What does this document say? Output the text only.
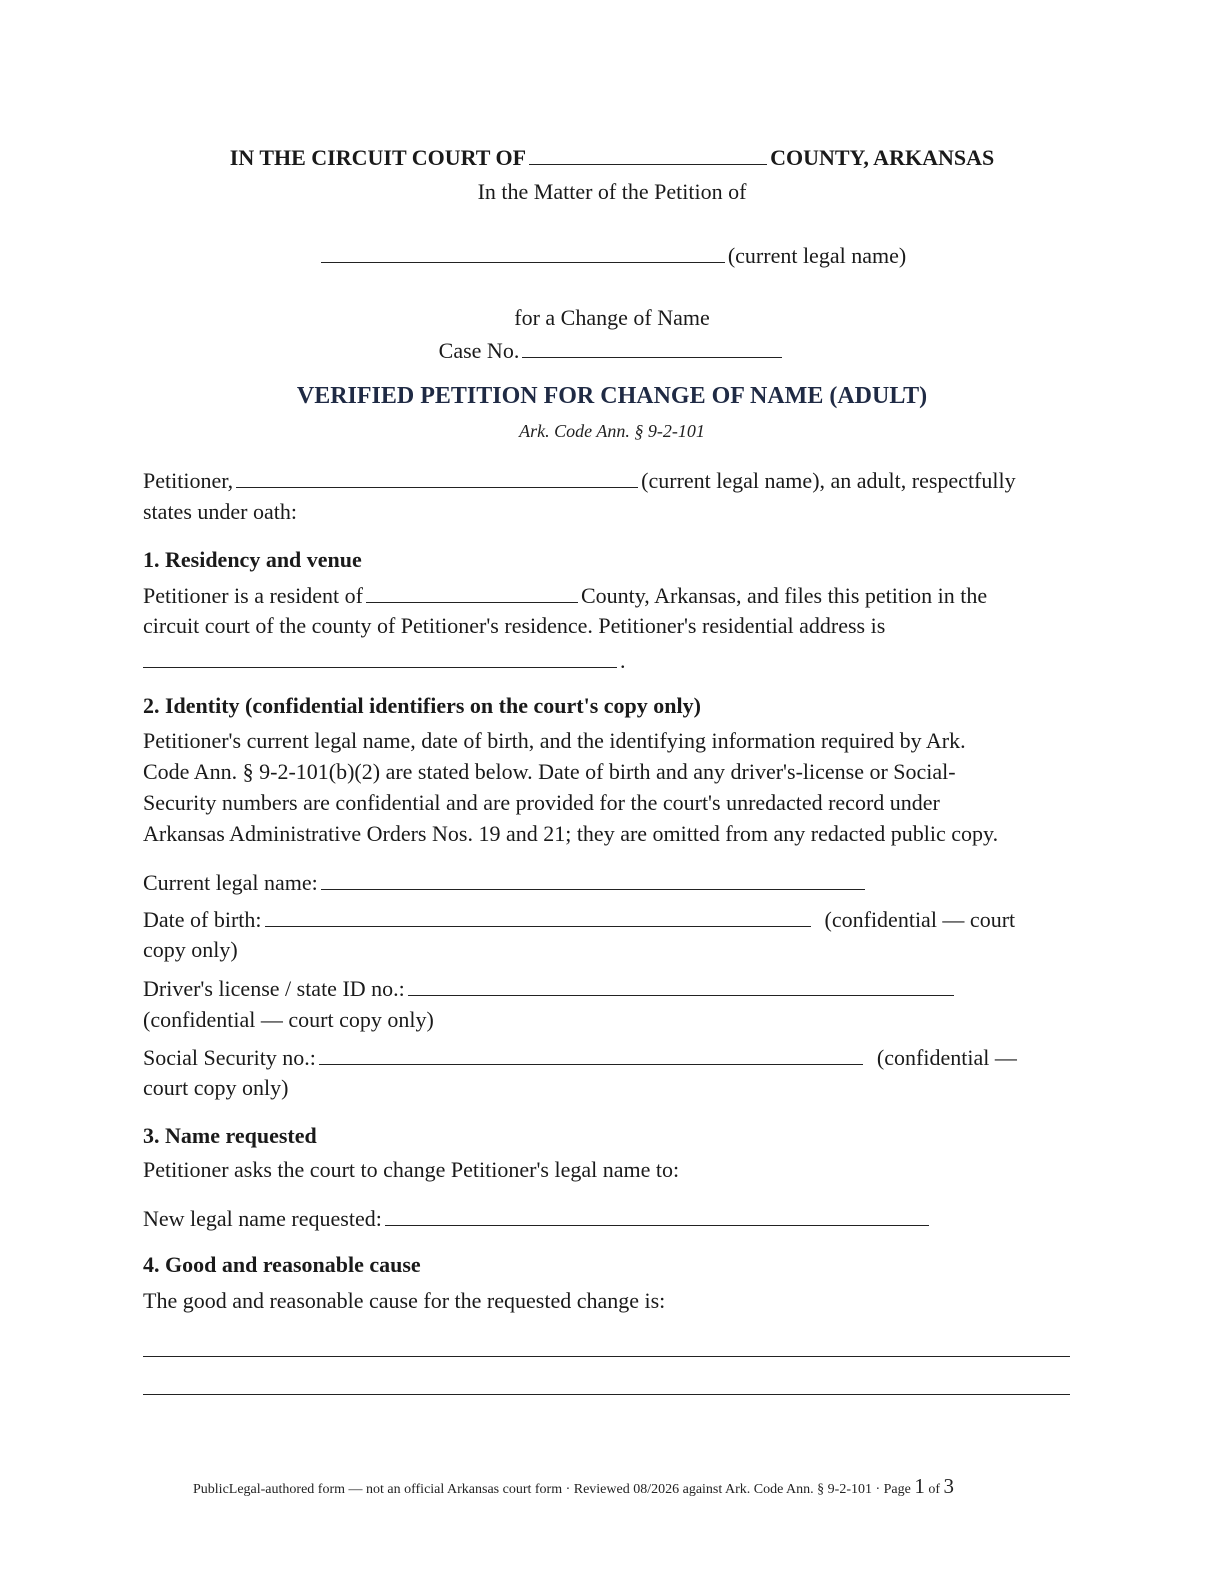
IN THE CIRCUIT COURT OF	COUNTY, ARKANSAS
In the Matter of the Petition of
(current legal name)
for a Change of Name
Case No.
VERIFIED PETITION FOR CHANGE OF NAME (ADULT)
Ark. Code Ann. § 9-2-101
Petitioner,	(current legal name), an adult, respectfully
states under oath:
1. Residency and venue
Petitioner is a resident of	County, Arkansas, and files this petition in the
circuit court of the county of Petitioner's residence. Petitioner's residential address is
.
2. Identity (confidential identifiers on the court's copy only)
Petitioner's current legal name, date of birth, and the identifying information required by Ark.
Code Ann. § 9-2-101(b)(2) are stated below. Date of birth and any driver's-license or Social-
Security numbers are confidential and are provided for the court's unredacted record under
Arkansas Administrative Orders Nos. 19 and 21; they are omitted from any redacted public copy.
Current legal name:
Date of birth:	(confidential — court
copy only)
Driver's license / state ID no.:
(confidential — court copy only)
Social Security no.:	(confidential —
court copy only)
3. Name requested
Petitioner asks the court to change Petitioner's legal name to:
New legal name requested:
4. Good and reasonable cause
The good and reasonable cause for the requested change is:
PublicLegal-authored form — not an official Arkansas court form · Reviewed 08/2026 against Ark. Code Ann. § 9-2-101 · Page 1 of 3
